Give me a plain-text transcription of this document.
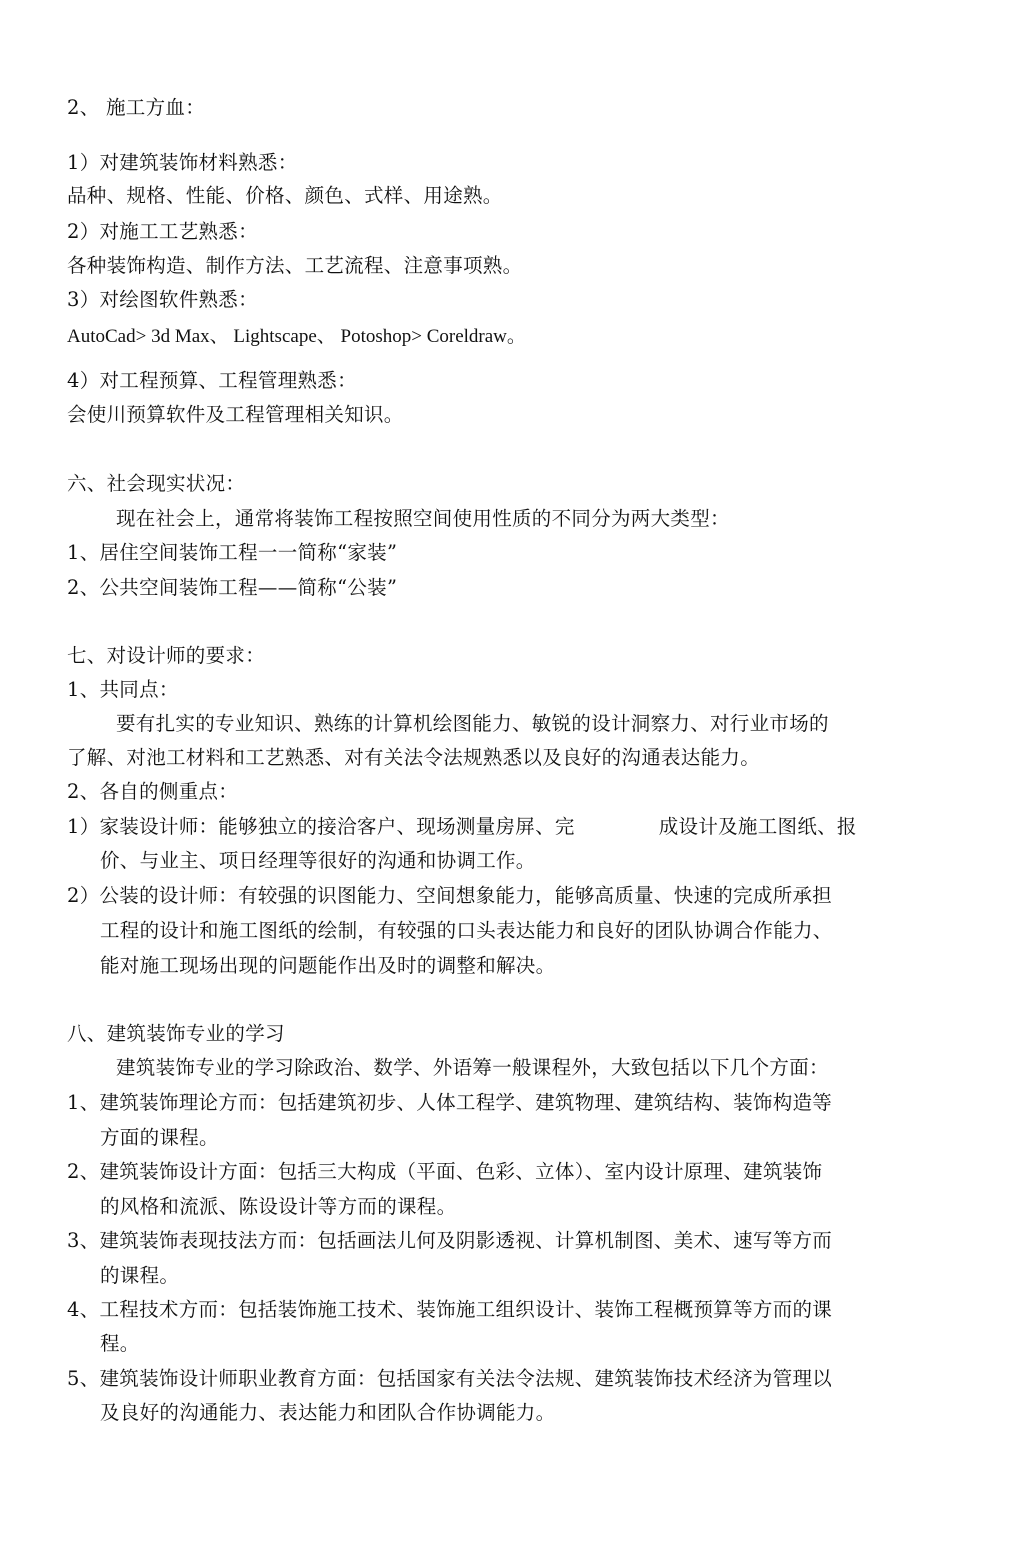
2、 施工方血：
1）对建筑装饰材料熟悉：
品种、规格、性能、价格、颜色、式样、用途熟。
2）对施工工艺熟悉：
各种装饰构造、制作方法、工艺流程、注意事项熟。
3）对绘图软件熟悉：
AutoCad> 3d Max、 Lightscape、 Potoshop> Coreldraw。
4）对工程预算、工程管理熟悉：
会使川预算软件及工程管理相关知识。
六、社会现实状况：
现在社会上，通常将装饰工程按照空间使用性质的不同分为两大类型：
1、居住空间装饰工程一一简称“家装”
2、公共空间装饰工程——简称“公装”
七、对设计师的要求：
1、共同点：
要有扎实的专业知识、熟练的计算机绘图能力、敏锐的设计洞察力、对行业市场的
了解、对池工材料和工艺熟悉、对有关法令法规熟悉以及良好的沟通表达能力。
2、各自的侧重点：
1）家装设计师：能够独立的接洽客户、现场测量房屏、完	成设计及施工图纸、报
价、与业主、项日经理等很好的沟通和协调工作。
2）公装的设计师：有较强的识图能力、空间想象能力，能够高质量、快速的完成所承担
工程的设计和施工图纸的绘制，有较强的口头表达能力和良好的团队协调合作能力、
能对施工现场出现的问题能作出及时的调整和解决。
八、建筑装饰专业的学习
建筑装饰专业的学习除政治、数学、外语筹一般课程外，大致包括以下几个方面：
1、建筑装饰理论方而：包括建筑初步、人体工程学、建筑物理、建筑结构、装饰构造等
方面的课程。
2、建筑装饰设计方面：包括三大构成（平面、色彩、立体）、室内设计原理、建筑装饰
的风格和流派、陈设设计等方而的课程。
3、建筑装饰表现技法方而：包括画法儿何及阴影透视、计算机制图、美术、速写等方而
的课程。
4、工程技术方而：包括装饰施工技术、装饰施工组织设计、装饰工程概预算等方而的课
程。
5、建筑装饰设计师职业教育方面：包括国家有关法令法规、建筑装饰技术经济为管理以
及良好的沟通能力、表达能力和团队合作协调能力。
